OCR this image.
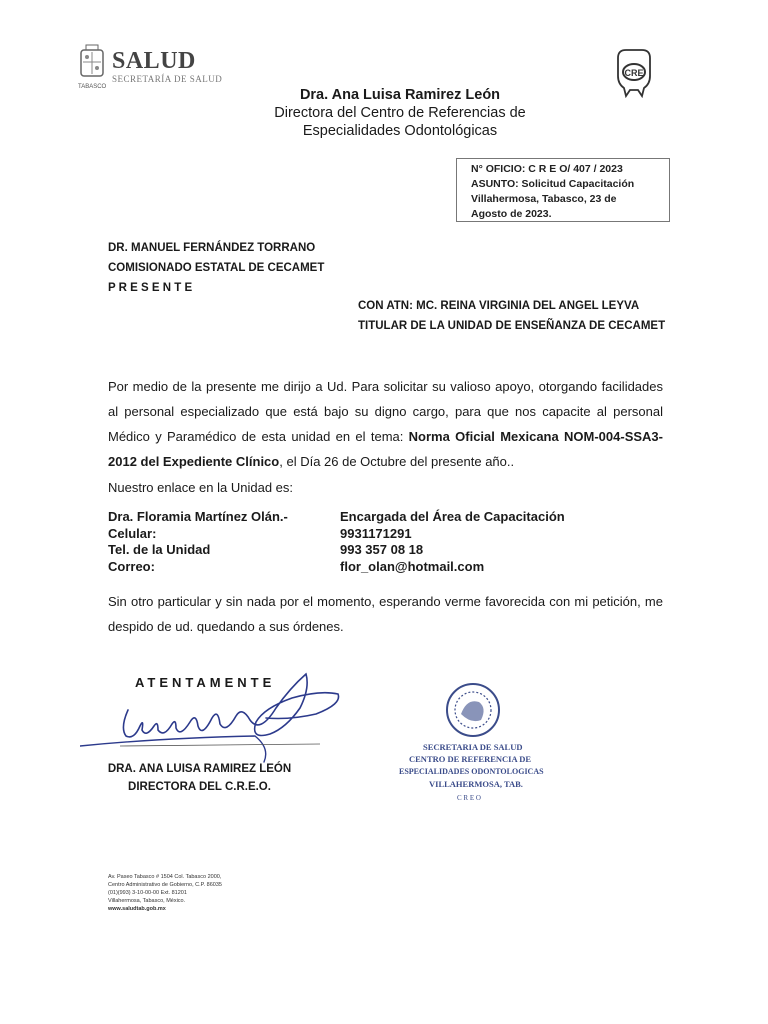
SALUD
SECRETARÍA DE SALUD
TABASCO
CRE
Dra. Ana Luisa Ramirez León
Directora del Centro de Referencias de
Especialidades Odontológicas
N° OFICIO: C R E O/ 407 / 2023
ASUNTO: Solicitud Capacitación
Villahermosa, Tabasco, 23 de
Agosto de 2023.
DR. MANUEL FERNÁNDEZ TORRANO
COMISIONADO ESTATAL DE CECAMET
P R E S E N T E
CON ATN: MC. REINA VIRGINIA DEL ANGEL LEYVA
TITULAR DE LA UNIDAD DE ENSEÑANZA DE CECAMET
Por medio de la presente me dirijo a Ud. Para solicitar su valioso apoyo, otorgando facilidades al personal especializado que está bajo su digno cargo, para que nos capacite al personal Médico y Paramédico de esta unidad en el tema: Norma Oficial Mexicana NOM-004-SSA3-2012 del Expediente Clínico, el Día 26 de Octubre del presente año..
Nuestro enlace en la Unidad es:
Dra. Floramia Martínez Olán.-
Celular:
Tel. de la Unidad
Correo:
Encargada del Área de Capacitación
9931171291
993 357 08 18
flor_olan@hotmail.com
Sin otro particular y sin nada por el momento, esperando verme favorecida con mi petición, me despido de ud. quedando a sus órdenes.
ATENTAMENTE
DRA. ANA LUISA RAMIREZ LEÓN
DIRECTORA DEL C.R.E.O.
SECRETARIA DE SALUD
CENTRO DE REFERENCIA DE
ESPECIALIDADES ODONTOLOGICAS
VILLAHERMOSA, TAB.
C R E O
Av. Paseo Tabasco # 1504 Col. Tabasco 2000,
Centro Administrativo de Gobierno, C.P. 86035
(01)(993) 3-10-00-00 Ext. 81201
Villahermosa, Tabasco, México.
www.saludtab.gob.mx
